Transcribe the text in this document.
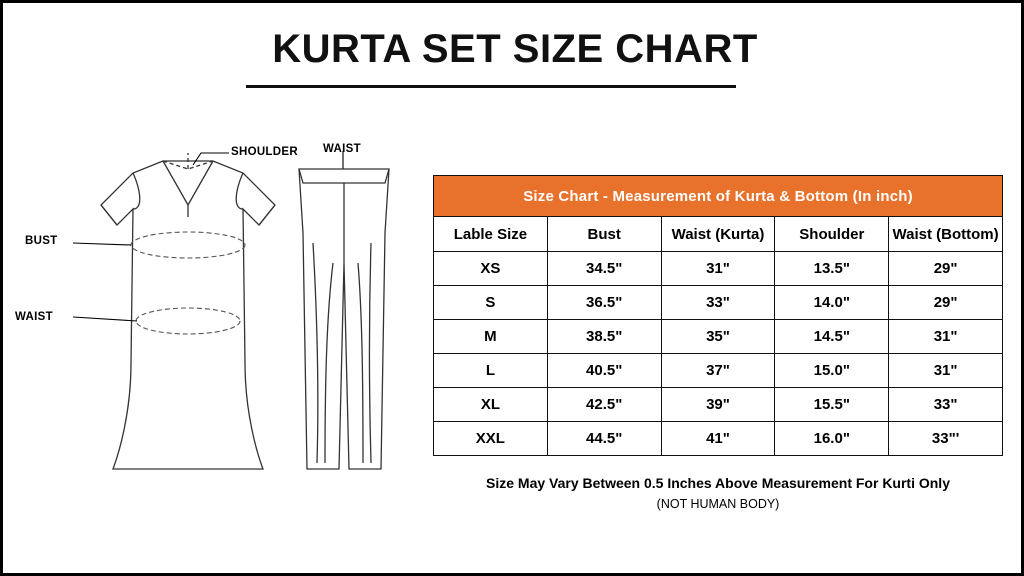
KURTA SET SIZE CHART
SHOULDER WAIST
BUST
WAIST
Size Chart - Measurement of Kurta & Bottom (In inch)				
Lable Size	Bust	Waist (Kurta)	Shoulder	Waist (Bottom)
XS	34.5"	31"	13.5"	29"
S	36.5"	33"	14.0"	29"
M	38.5"	35"	14.5"	31"
L	40.5"	37"	15.0"	31"
XL	42.5"	39"	15.5"	33"
XXL	44.5"	41"	16.0"	33"'
Size May Vary Between 0.5 Inches Above Measurement For Kurti Only
(NOT HUMAN BODY)
